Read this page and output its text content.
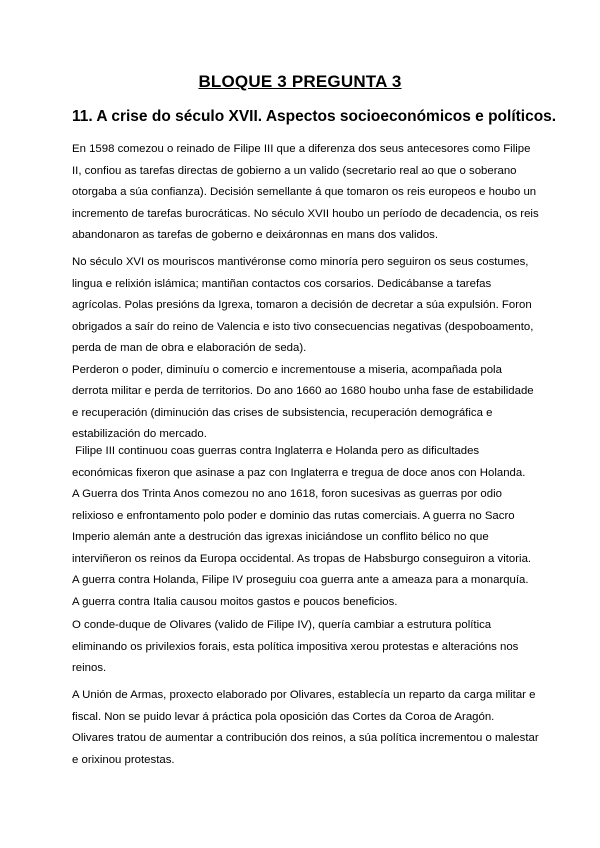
BLOQUE 3 PREGUNTA 3
11. A crise do século XVII. Aspectos socioeconómicos e políticos.
En 1598 comezou o reinado de Filipe III que a diferenza dos seus antecesores como Filipe
II, confiou as tarefas directas de gobierno a un valido (secretario real ao que o soberano
otorgaba a súa confianza). Decisión semellante á que tomaron os reis europeos e houbo un
incremento de tarefas burocráticas. No século XVII houbo un período de decadencia, os reis
abandonaron as tarefas de goberno e deixáronnas en mans dos validos.
No século XVI os mouriscos mantivéronse como minoría pero seguiron os seus costumes,
lingua e relixión islámica; mantiñan contactos cos corsarios. Dedicábanse a tarefas
agrícolas. Polas presións da Igrexa, tomaron a decisión de decretar a súa expulsión. Foron
obrigados a saír do reino de Valencia e isto tivo consecuencias negativas (despoboamento,
perda de man de obra e elaboración de seda).
Perderon o poder, diminuíu o comercio e incrementouse a miseria, acompañada pola
derrota militar e perda de territorios. Do ano 1660 ao 1680 houbo unha fase de estabilidade
e recuperación (diminución das crises de subsistencia, recuperación demográfica e
estabilización do mercado.
Filipe III continuou coas guerras contra Inglaterra e Holanda pero as dificultades
económicas fixeron que asinase a paz con Inglaterra e tregua de doce anos con Holanda.
A Guerra dos Trinta Anos comezou no ano 1618, foron sucesivas as guerras por odio
relixioso e enfrontamento polo poder e dominio das rutas comerciais. A guerra no Sacro
Imperio alemán ante a destrución das igrexas iniciándose un conflito bélico no que
interviñeron os reinos da Europa occidental. As tropas de Habsburgo conseguiron a vitoria.
A guerra contra Holanda, Filipe IV proseguiu coa guerra ante a ameaza para a monarquía.
A guerra contra Italia causou moitos gastos e poucos beneficios.
O conde-duque de Olivares (valido de Filipe IV), quería cambiar a estrutura política
eliminando os privilexios forais, esta política impositiva xerou protestas e alteracións nos
reinos.
A Unión de Armas, proxecto elaborado por Olivares, establecía un reparto da carga militar e
fiscal. Non se puido levar á práctica pola oposición das Cortes da Coroa de Aragón.
Olivares tratou de aumentar a contribución dos reinos, a súa política incrementou o malestar
e orixinou protestas.
